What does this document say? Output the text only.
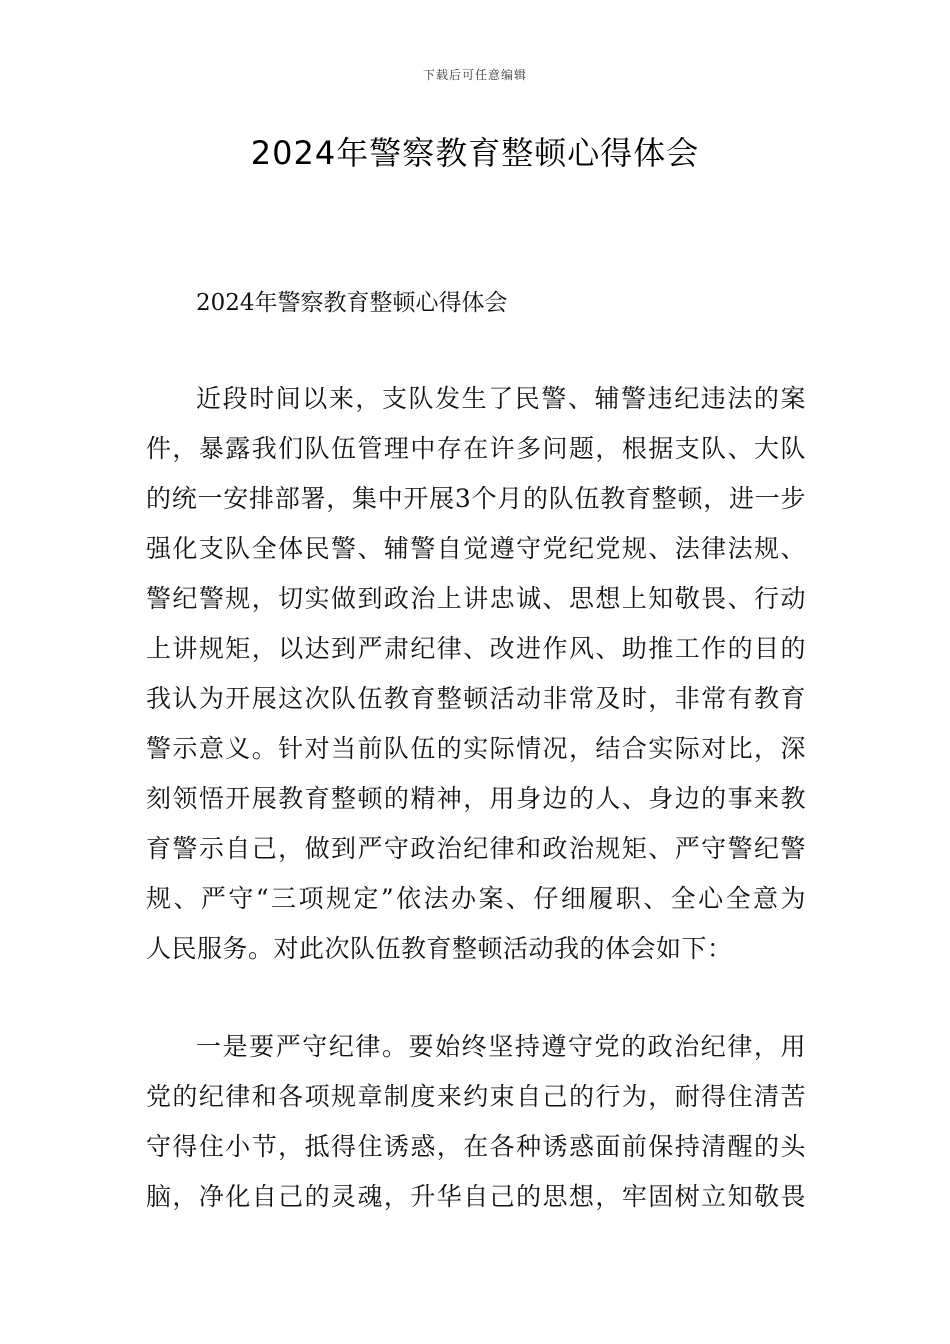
下载后可任意编辑
2024年警察教育整顿心得体会
2024年警察教育整顿心得体会
近段时间以来，支队发生了民警、辅警违纪违法的案
件，暴露我们队伍管理中存在许多问题，根据支队、大队
的统一安排部署，集中开展3个月的队伍教育整顿，进一步
强化支队全体民警、辅警自觉遵守党纪党规、法律法规、
警纪警规，切实做到政治上讲忠诚、思想上知敬畏、行动
上讲规矩，以达到严肃纪律、改进作风、助推工作的目的
我认为开展这次队伍教育整顿活动非常及时，非常有教育
警示意义。针对当前队伍的实际情况，结合实际对比，深
刻领悟开展教育整顿的精神，用身边的人、身边的事来教
育警示自己，做到严守政治纪律和政治规矩、严守警纪警
规、严守“三项规定”依法办案、仔细履职、全心全意为
人民服务。对此次队伍教育整顿活动我的体会如下：
一是要严守纪律。要始终坚持遵守党的政治纪律，用
党的纪律和各项规章制度来约束自己的行为，耐得住清苦
守得住小节，抵得住诱惑，在各种诱惑面前保持清醒的头
脑，净化自己的灵魂，升华自己的思想，牢固树立知敬畏
